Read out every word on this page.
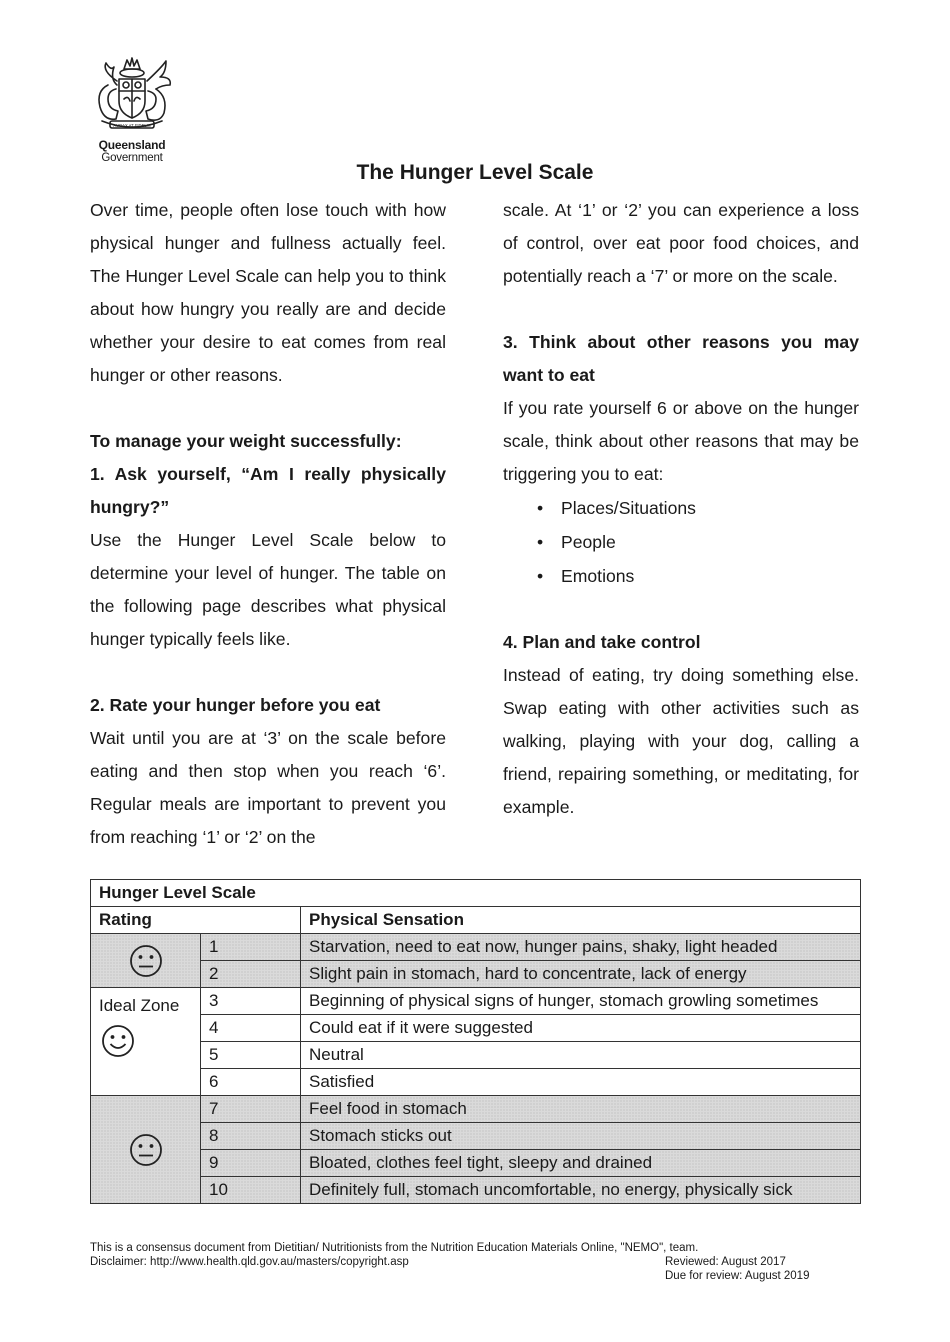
AUDAX AT FIDELIS
Queensland
Government
The Hunger Level Scale

Over time, people often lose touch with how physical hunger and fullness actually feel. The Hunger Level Scale can help you to think about how hungry you really are and decide whether your desire to eat comes from real hunger or other reasons.

To manage your weight successfully:

1. Ask yourself, “Am I really physically hungry?”

Use the Hunger Level Scale below to determine your level of hunger. The table on the following page describes what physical hunger typically feels like.

2. Rate your hunger before you eat

Wait until you are at ‘3’ on the scale before eating and then stop when you reach ‘6’. Regular meals are important to prevent you from reaching ‘1’ or ‘2’ on the

scale. At ‘1’ or ‘2’ you can experience a loss of control, over eat poor food choices, and potentially reach a ‘7’ or more on the scale.

3. Think about other reasons you may want to eat

If you rate yourself 6 or above on the hunger scale, think about other reasons that may be triggering you to eat:

• Places/Situations
• People
• Emotions

4. Plan and take control

Instead of eating, try doing something else. Swap eating with other activities such as walking, playing with your dog, calling a friend, repairing something, or meditating, for example.

Hunger Level Scale		
Rating		Physical Sensation

	1	Starvation, need to eat now, hunger pains, shaky, light headed
	2	Slight pain in stomach, hard to concentrate, lack of energy

Ideal Zone	3	Beginning of physical signs of hunger, stomach growling sometimes
	4	Could eat if it were suggested
	5	Neutral
	6	Satisfied

	7	Feel food in stomach
	8	Stomach sticks out
	9	Bloated, clothes feel tight, sleepy and drained
	10	Definitely full, stomach uncomfortable, no energy, physically sick
This is a consensus document from Dietitian/ Nutritionists from the Nutrition Education Materials Online, "NEMO", team.
Disclaimer: http://www.health.qld.gov.au/masters/copyright.asp	Reviewed: August 2017
Due for review: August 2019
